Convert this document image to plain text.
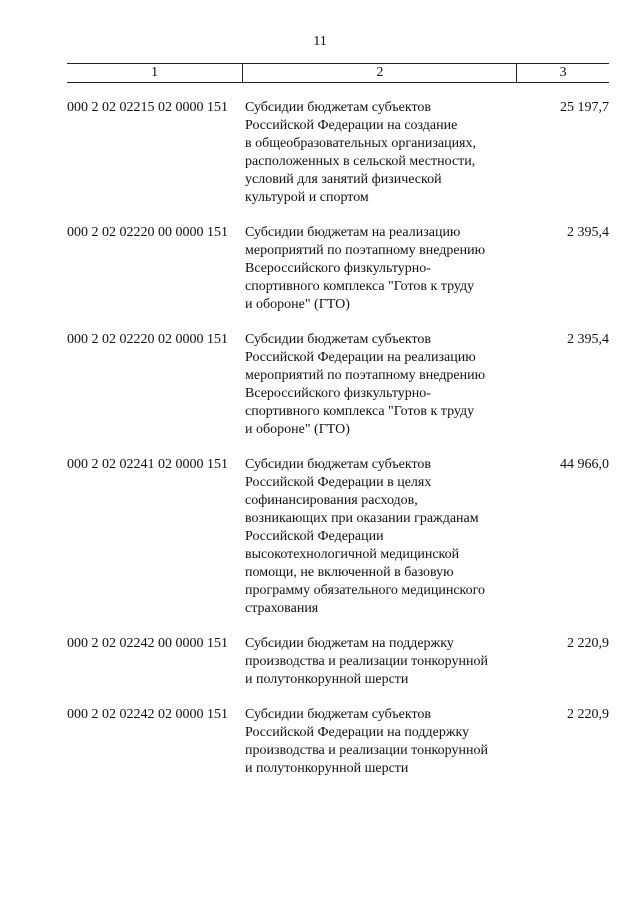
11
1	2	3
000 2 02 02215 02 0000 151	Субсидии бюджетам субъектов
Российской Федерации на создание
в общеобразовательных организациях,
расположенных в сельской местности,
условий для занятий физической
культурой и спортом
25 197,7
000 2 02 02220 00 0000 151	Субсидии бюджетам на реализацию
мероприятий по поэтапному внедрению
Всероссийского физкультурно-
спортивного комплекса "Готов к труду
и обороне" (ГТО)
2 395,4
000 2 02 02220 02 0000 151	Субсидии бюджетам субъектов
Российской Федерации на реализацию
мероприятий по поэтапному внедрению
Всероссийского физкультурно-
спортивного комплекса "Готов к труду
и обороне" (ГТО)
2 395,4
000 2 02 02241 02 0000 151	Субсидии бюджетам субъектов
Российской Федерации в целях
софинансирования расходов,
возникающих при оказании гражданам
Российской Федерации
высокотехнологичной медицинской
помощи, не включенной в базовую
программу обязательного медицинского
страхования
44 966,0
000 2 02 02242 00 0000 151	Субсидии бюджетам на поддержку
производства и реализации тонкорунной
и полутонкорунной шерсти
2 220,9
000 2 02 02242 02 0000 151	Субсидии бюджетам субъектов
Российской Федерации на поддержку
производства и реализации тонкорунной
и полутонкорунной шерсти
2 220,9
